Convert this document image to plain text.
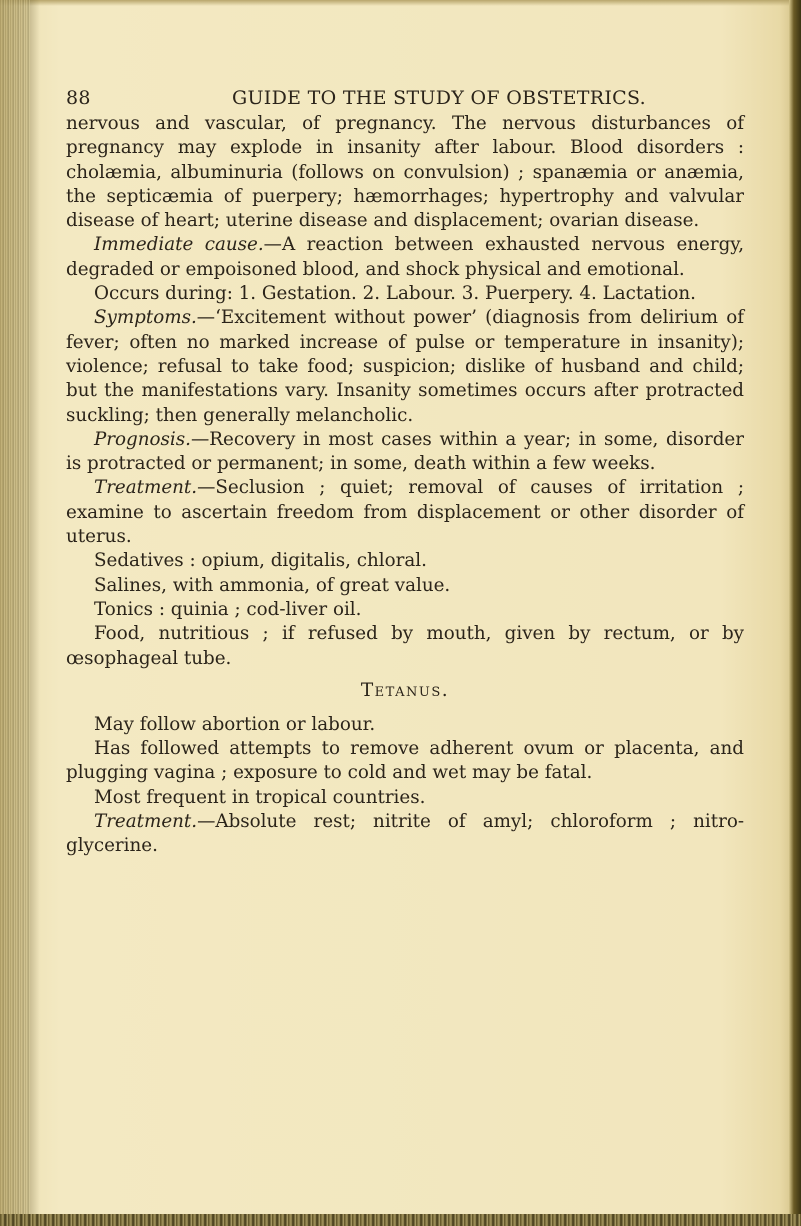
88	GUIDE TO THE STUDY OF OBSTETRICS.

nervous and vascular, of pregnancy. The nervous disturbances of pregnancy may explode in insanity after labour. Blood disorders : cholæmia, albuminuria (follows on convulsion) ; spanæmia or anæmia, the septicæmia of puerpery; hæmorrhages; hypertrophy and valvular disease of heart; uterine disease and displacement; ovarian disease.

Immediate cause.—A reaction between exhausted nervous energy, degraded or empoisoned blood, and shock physical and emotional.

Occurs during: 1. Gestation. 2. Labour. 3. Puerpery. 4. Lactation.

Symptoms.—‘Excitement without power’ (diagnosis from delirium of fever; often no marked increase of pulse or temperature in insanity); violence; refusal to take food; suspicion; dislike of husband and child; but the manifestations vary. Insanity sometimes occurs after protracted suckling; then generally melancholic.

Prognosis.—Recovery in most cases within a year; in some, disorder is protracted or permanent; in some, death within a few weeks.

Treatment.—Seclusion ; quiet; removal of causes of irritation ; examine to ascertain freedom from displacement or other disorder of uterus.

Sedatives : opium, digitalis, chloral.

Salines, with ammonia, of great value.

Tonics : quinia ; cod-liver oil.

Food, nutritious ; if refused by mouth, given by rectum, or by œsophageal tube.

Tetanus.

May follow abortion or labour.

Has followed attempts to remove adherent ovum or placenta, and plugging vagina ; exposure to cold and wet may be fatal.

Most frequent in tropical countries.

Treatment.—Absolute rest; nitrite of amyl; chloroform ; nitro-glycerine.
